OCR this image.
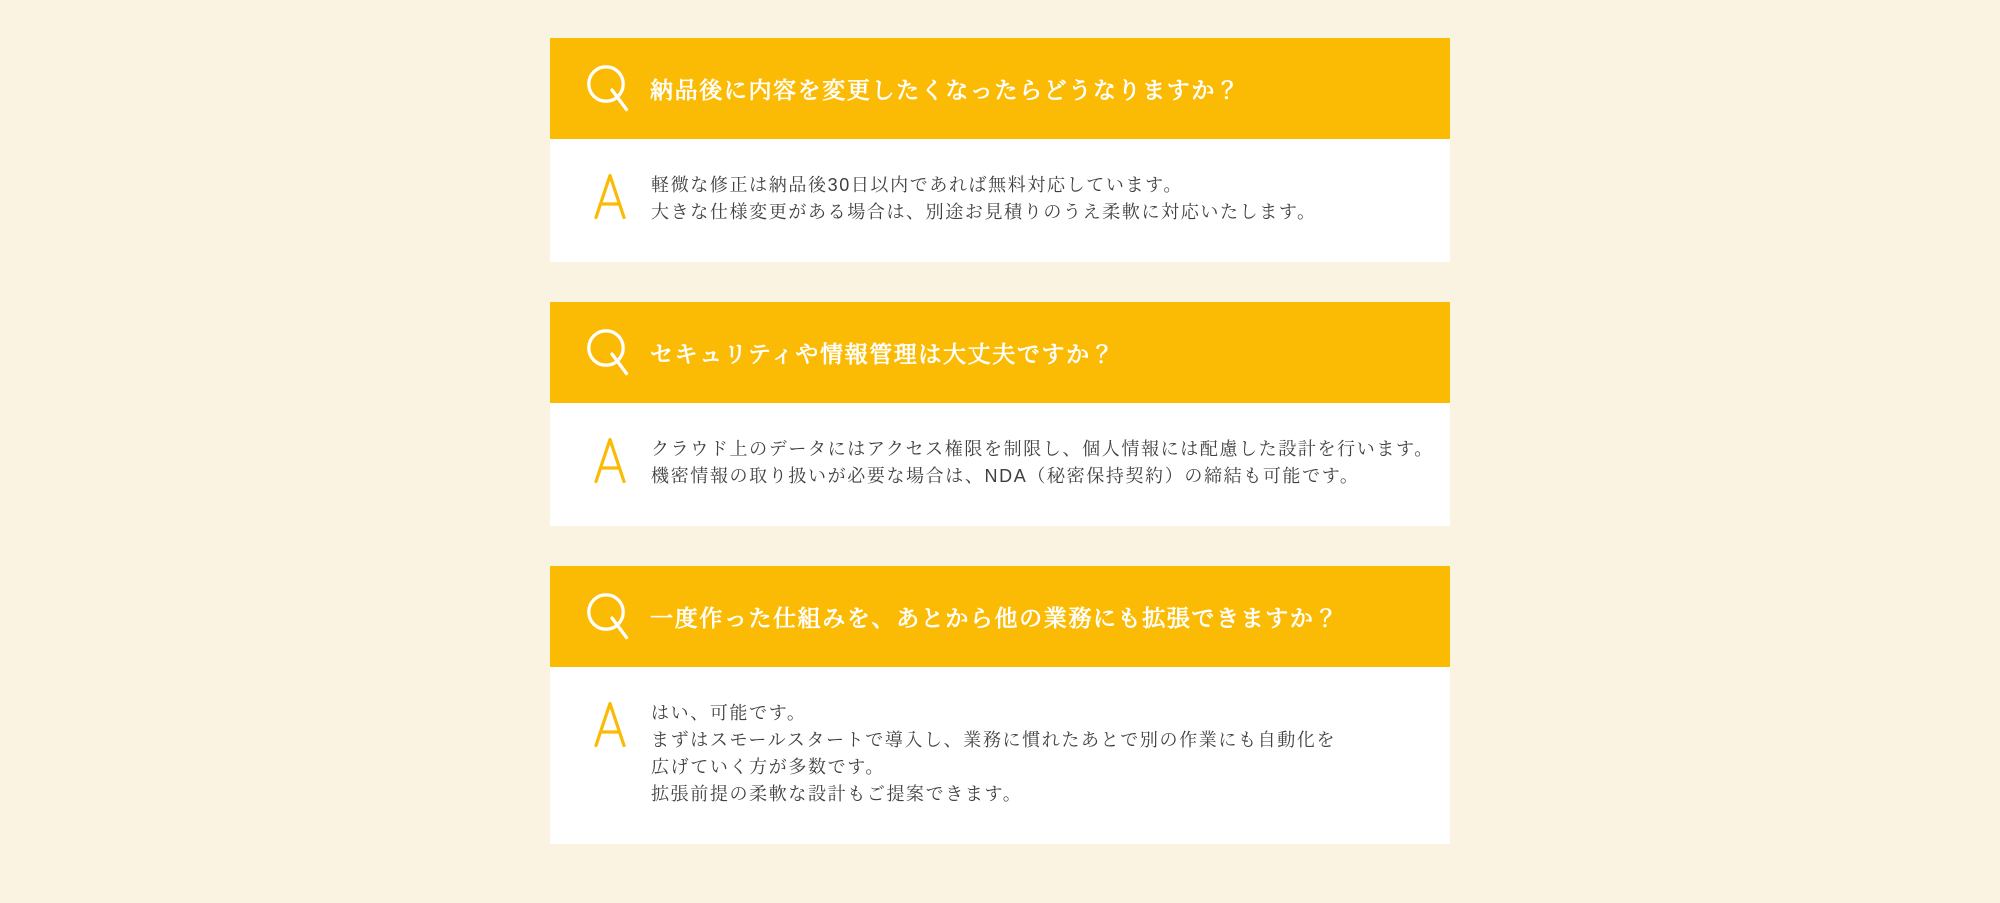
納品後に内容を変更したくなったらどうなりますか？
軽微な修正は納品後30日以内であれば無料対応しています。
大きな仕様変更がある場合は、別途お見積りのうえ柔軟に対応いたします。
セキュリティや情報管理は大丈夫ですか？
クラウド上のデータにはアクセス権限を制限し、個人情報には配慮した設計を行います。
機密情報の取り扱いが必要な場合は、NDA（秘密保持契約）の締結も可能です。
一度作った仕組みを、あとから他の業務にも拡張できますか？
はい、可能です。
まずはスモールスタートで導入し、業務に慣れたあとで別の作業にも自動化を
広げていく方が多数です。
拡張前提の柔軟な設計もご提案できます。
